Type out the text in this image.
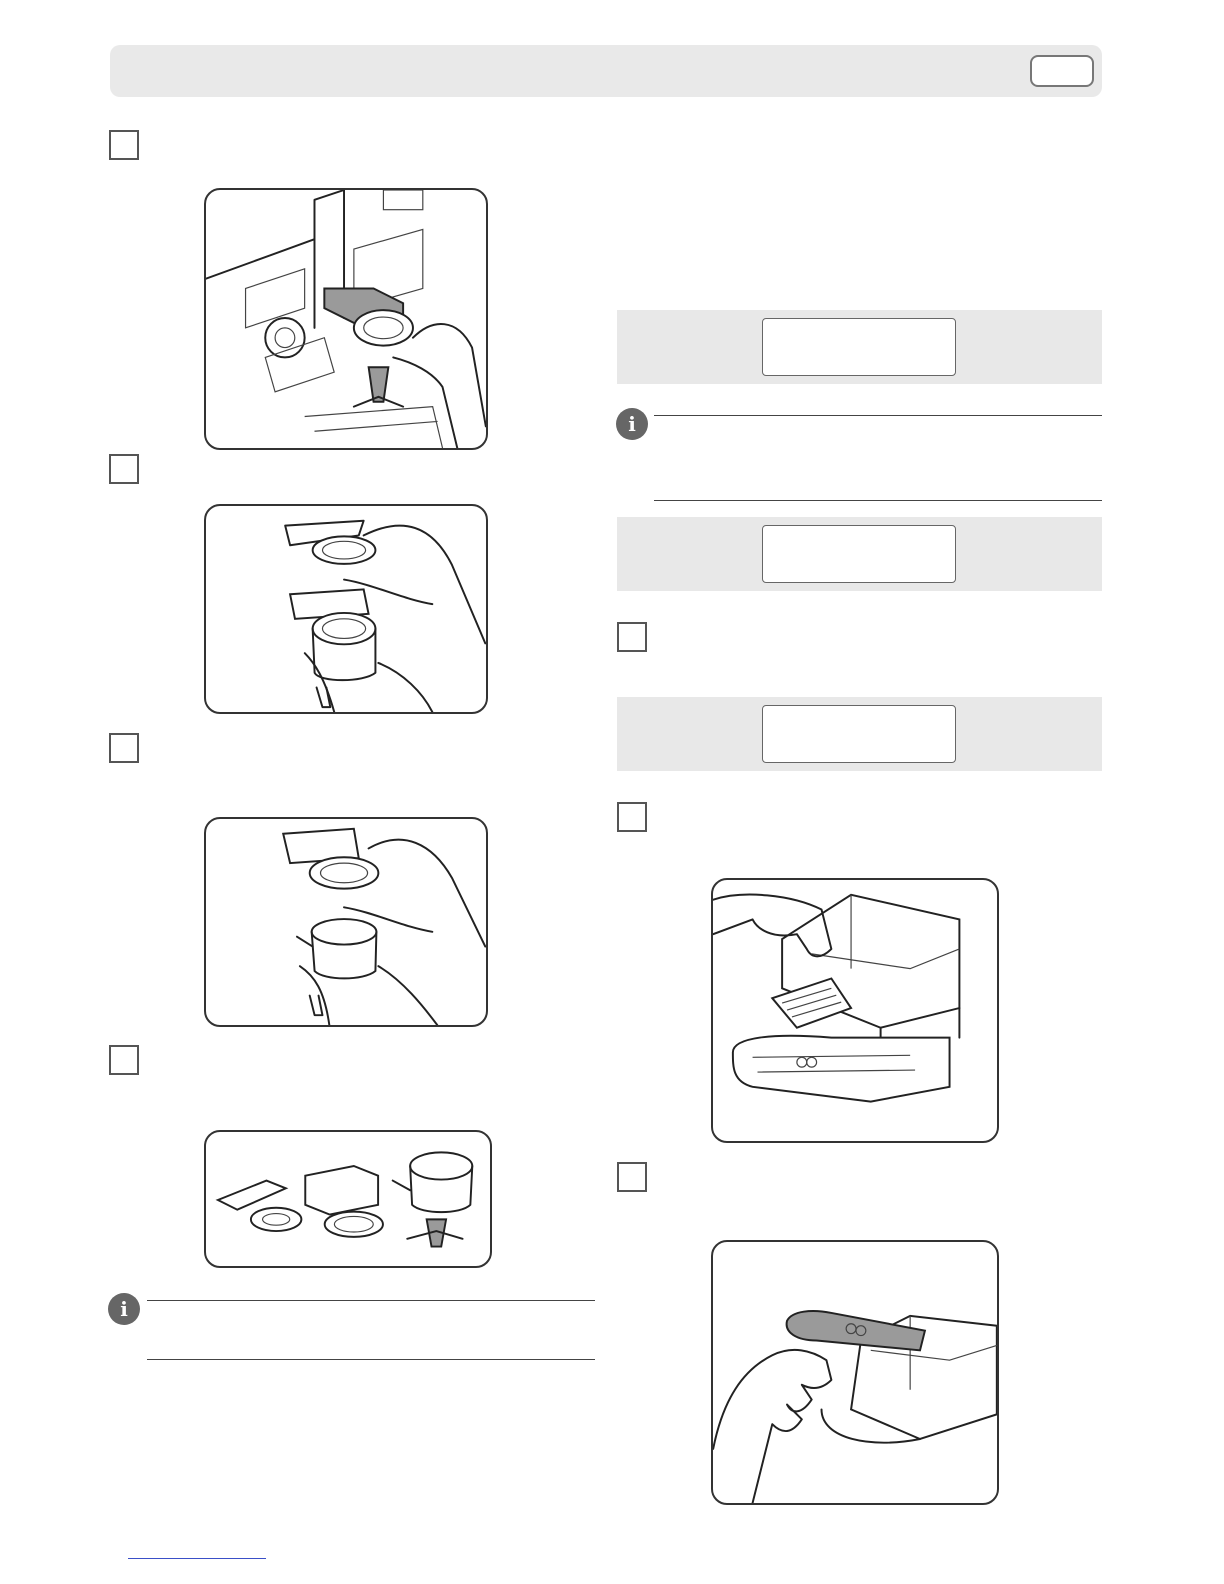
i
i
